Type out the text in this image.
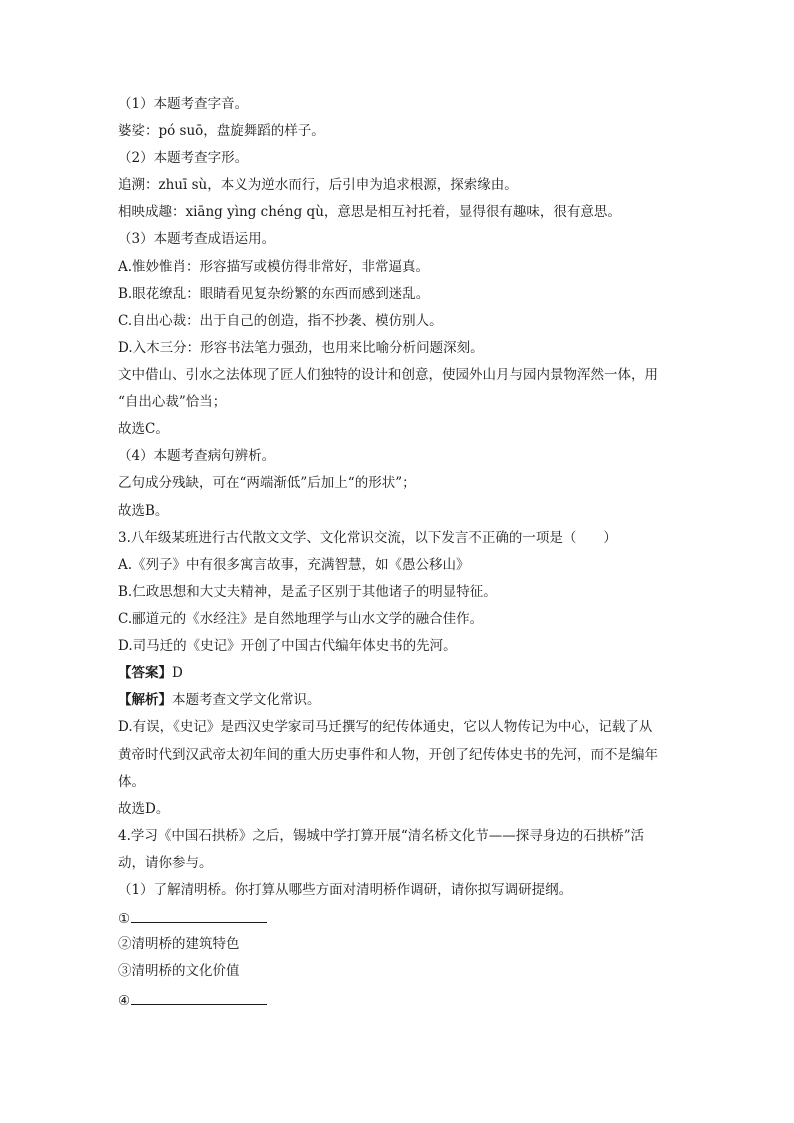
（1）本题考查字音。
婆娑：pó suō，盘旋舞蹈的样子。
（2）本题考查字形。
追溯：zhuī sù，本义为逆水而行，后引申为追求根源，探索缘由。
相映成趣：xiāng yìng chéng qù，意思是相互衬托着，显得很有趣味，很有意思。
（3）本题考查成语运用。
A.惟妙惟肖：形容描写或模仿得非常好，非常逼真。
B.眼花缭乱：眼睛看见复杂纷繁的东西而感到迷乱。
C.自出心裁：出于自己的创造，指不抄袭、模仿别人。
D.入木三分：形容书法笔力强劲，也用来比喻分析问题深刻。
文中借山、引水之法体现了匠人们独特的设计和创意，使园外山月与园内景物浑然一体，用
“自出心裁”恰当；
故选C。
（4）本题考查病句辨析。
乙句成分残缺，可在“两端渐低”后加上“的形状”；
故选B。
3.八年级某班进行古代散文文学、文化常识交流，以下发言不正确的一项是（　　）
A.《列子》中有很多寓言故事，充满智慧，如《愚公移山》
B.仁政思想和大丈夫精神，是孟子区别于其他诸子的明显特征。
C.郦道元的《水经注》是自然地理学与山水文学的融合佳作。
D.司马迁的《史记》开创了中国古代编年体史书的先河。
【答案】D
【解析】本题考查文学文化常识。
D.有误，《史记》是西汉史学家司马迁撰写的纪传体通史，它以人物传记为中心，记载了从
黄帝时代到汉武帝太初年间的重大历史事件和人物，开创了纪传体史书的先河，而不是编年
体。
故选D。
4.学习《中国石拱桥》之后，锡城中学打算开展“清名桥文化节——探寻身边的石拱桥”活
动，请你参与。
（1）了解清明桥。你打算从哪些方面对清明桥作调研，请你拟写调研提纲。
①
②清明桥的建筑特色
③清明桥的文化价值
④
